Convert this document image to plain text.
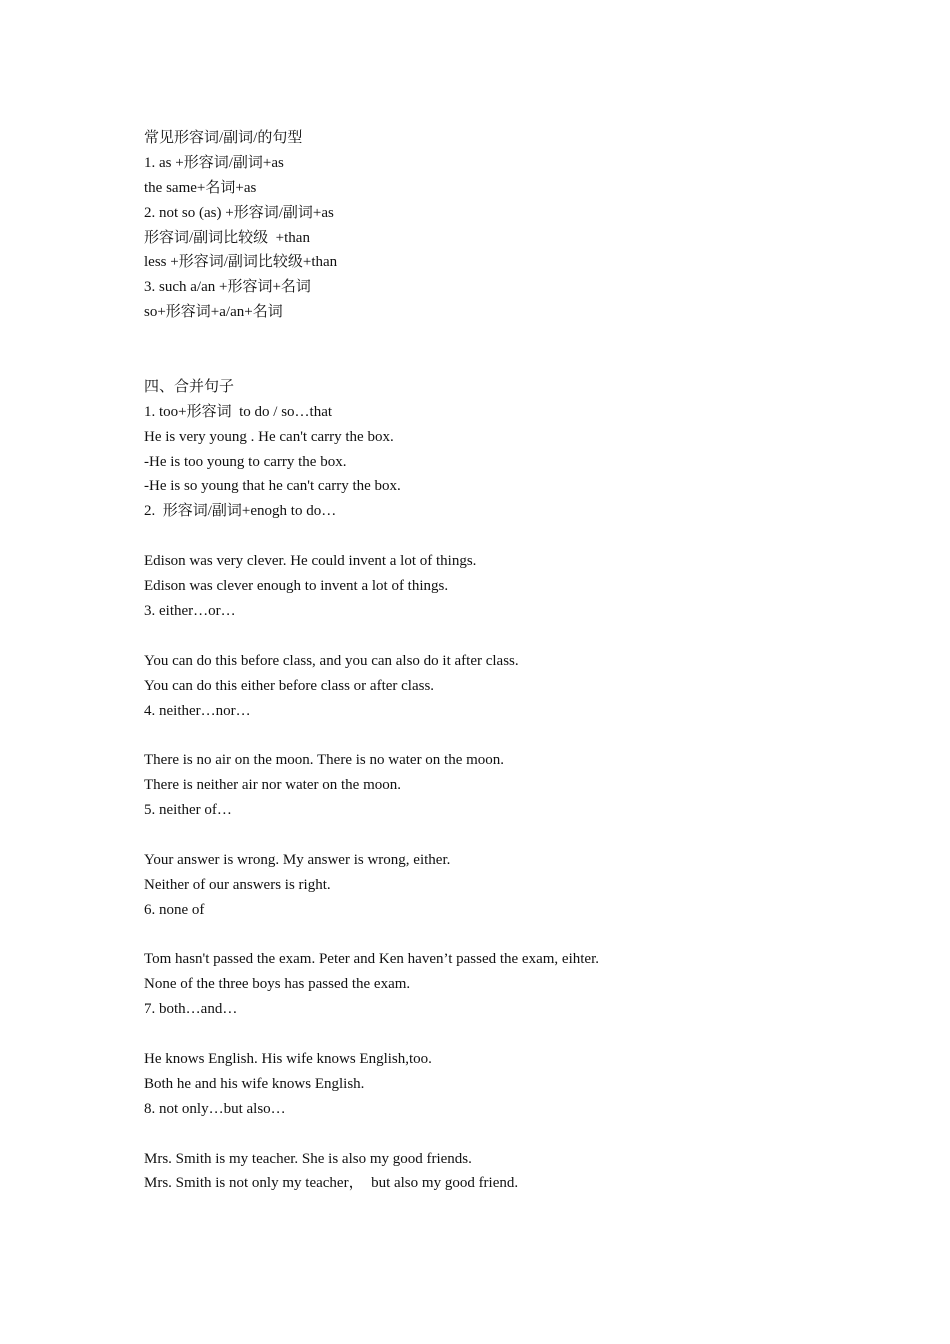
常见形容词/副词/的句型
1. as +形容词/副词+as
the same+名词+as
2. not so (as) +形容词/副词+as
形容词/副词比较级  +than
less +形容词/副词比较级+than
3. such a/an +形容词+名词
so+形容词+a/an+名词
四、合并句子
1. too+形容词  to do / so…that
He is very young . He can't carry the box.
-He is too young to carry the box.
-He is so young that he can't carry the box.
2.  形容词/副词+enogh to do…
Edison was very clever. He could invent a lot of things.
Edison was clever enough to invent a lot of things.
3. either…or…
You can do this before class, and you can also do it after class.
You can do this either before class or after class.
4. neither…nor…
There is no air on the moon. There is no water on the moon.
There is neither air nor water on the moon.
5. neither of…
Your answer is wrong. My answer is wrong, either.
Neither of our answers is right.
6. none of
Tom hasn't passed the exam. Peter and Ken haven’t passed the exam, eihter.
None of the three boys has passed the exam.
7. both…and…
He knows English. His wife knows English,too.
Both he and his wife knows English.
8. not only…but also…
Mrs. Smith is my teacher. She is also my good friends.
Mrs. Smith is not only my teacher，  but also my good friend.
